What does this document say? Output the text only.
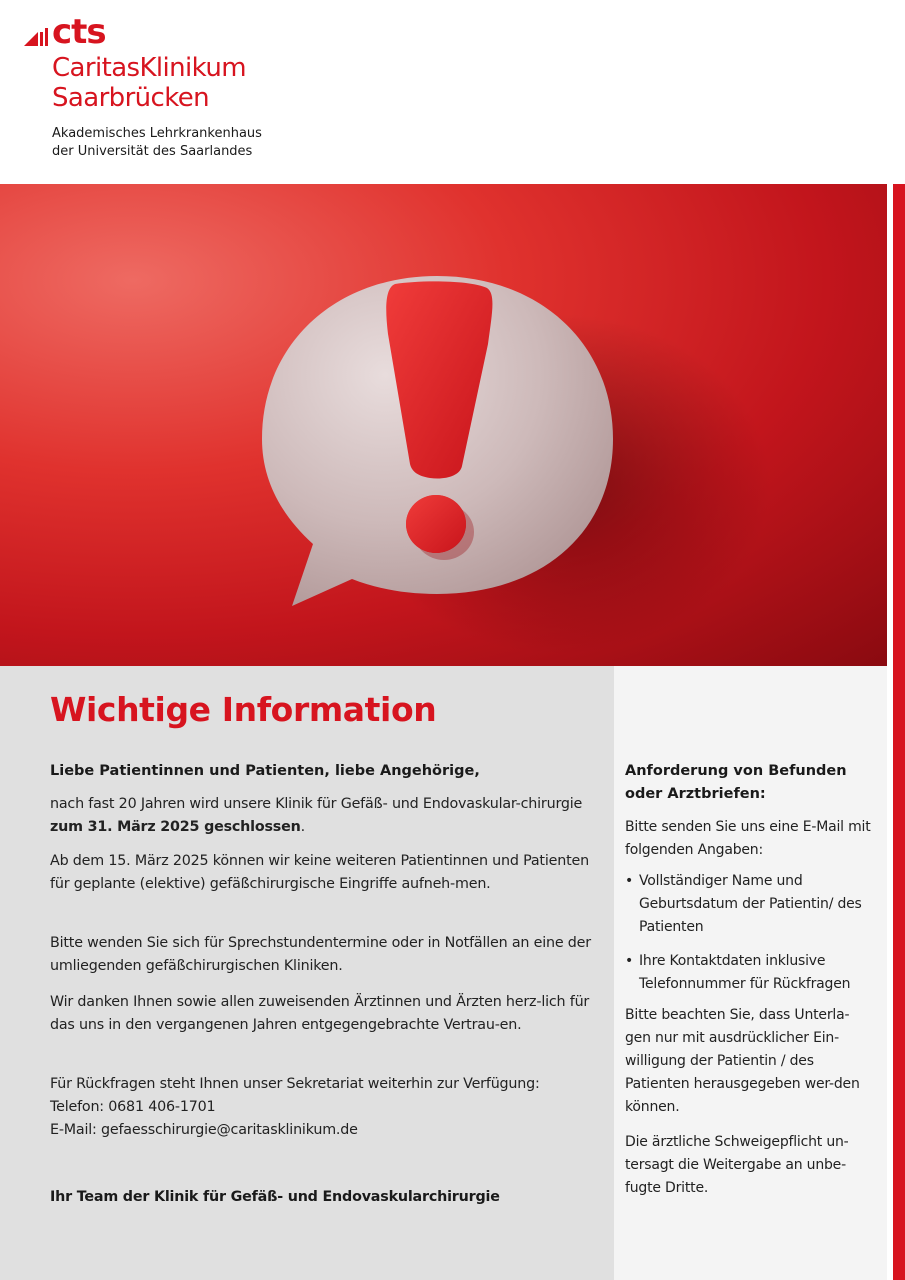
cts
CaritasKlinikum
Saarbrücken
Akademisches Lehrkrankenhaus
der Universität des Saarlandes
Wichtige Information
Liebe Patientinnen und Patienten, liebe Angehörige,
nach fast 20 Jahren wird unsere Klinik für Gefäß- und Endovaskular-chirurgie zum 31. März 2025 geschlossen.
Ab dem 15. März 2025 können wir keine weiteren Patientinnen und Patienten für geplante (elektive) gefäßchirurgische Eingriffe aufneh-men.
Bitte wenden Sie sich für Sprechstundentermine oder in Notfällen an eine der umliegenden gefäßchirurgischen Kliniken.
Wir danken Ihnen sowie allen zuweisenden Ärztinnen und Ärzten herz-lich für das uns in den vergangenen Jahren entgegengebrachte Vertrau-en.
Für Rückfragen steht Ihnen unser Sekretariat weiterhin zur Verfügung:
Telefon: 0681 406-1701
E-Mail: gefaesschirurgie@caritasklinikum.de
Ihr Team der Klinik für Gefäß- und Endovaskularchirurgie
Anforderung von Befunden oder Arztbriefen:
Bitte senden Sie uns eine E-Mail mit folgenden Angaben:
• Vollständiger Name und Geburtsdatum der Patientin/ des Patienten
• Ihre Kontaktdaten inklusive Telefonnummer für Rückfragen
Bitte beachten Sie, dass Unterla-gen nur mit ausdrücklicher Ein-willigung der Patientin / des Patienten herausgegeben wer-den können.
Die ärztliche Schweigepflicht un-tersagt die Weitergabe an unbe-fugte Dritte.
